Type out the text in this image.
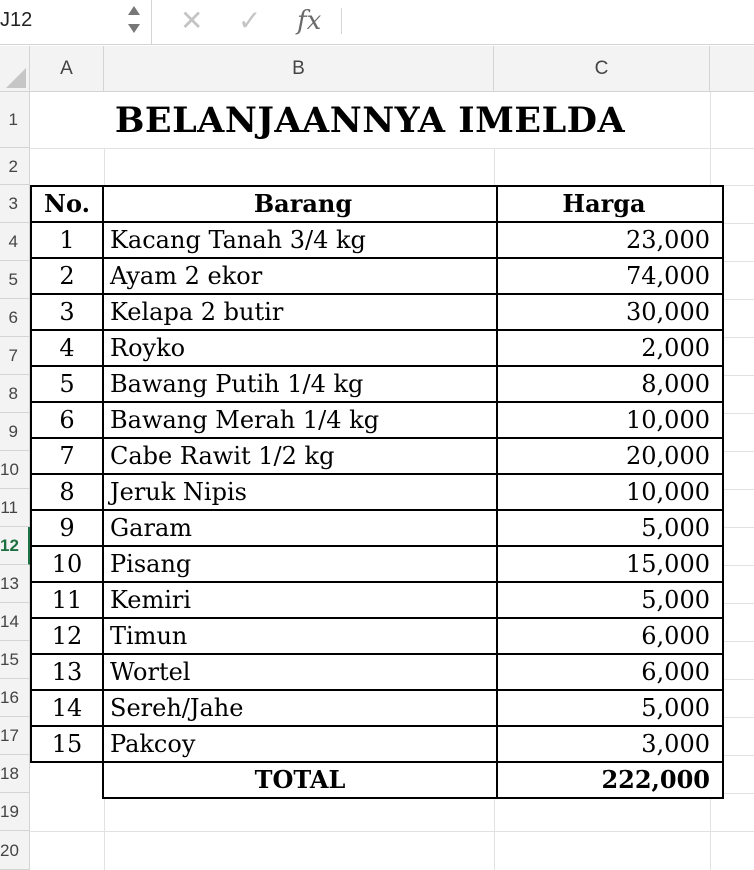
J12	✕ ✓ fx
A	B	C
1
2
3
4
5
6
7
8
9
10
11
12
13
14
15
16
17
18
19
20
BELANJAANNYA IMELDA
No.	Barang	Harga
1	Kacang Tanah 3/4 kg	23,000
2	Ayam 2 ekor	74,000
3	Kelapa 2 butir	30,000
4	Royko	2,000
5	Bawang Putih 1/4 kg	8,000
6	Bawang Merah 1/4 kg	10,000
7	Cabe Rawit 1/2 kg	20,000
8	Jeruk Nipis	10,000
9	Garam	5,000
10	Pisang	15,000
11	Kemiri	5,000
12	Timun	6,000
13	Wortel	6,000
14	Sereh/Jahe	5,000
15	Pakcoy	3,000
	TOTAL	222,000
